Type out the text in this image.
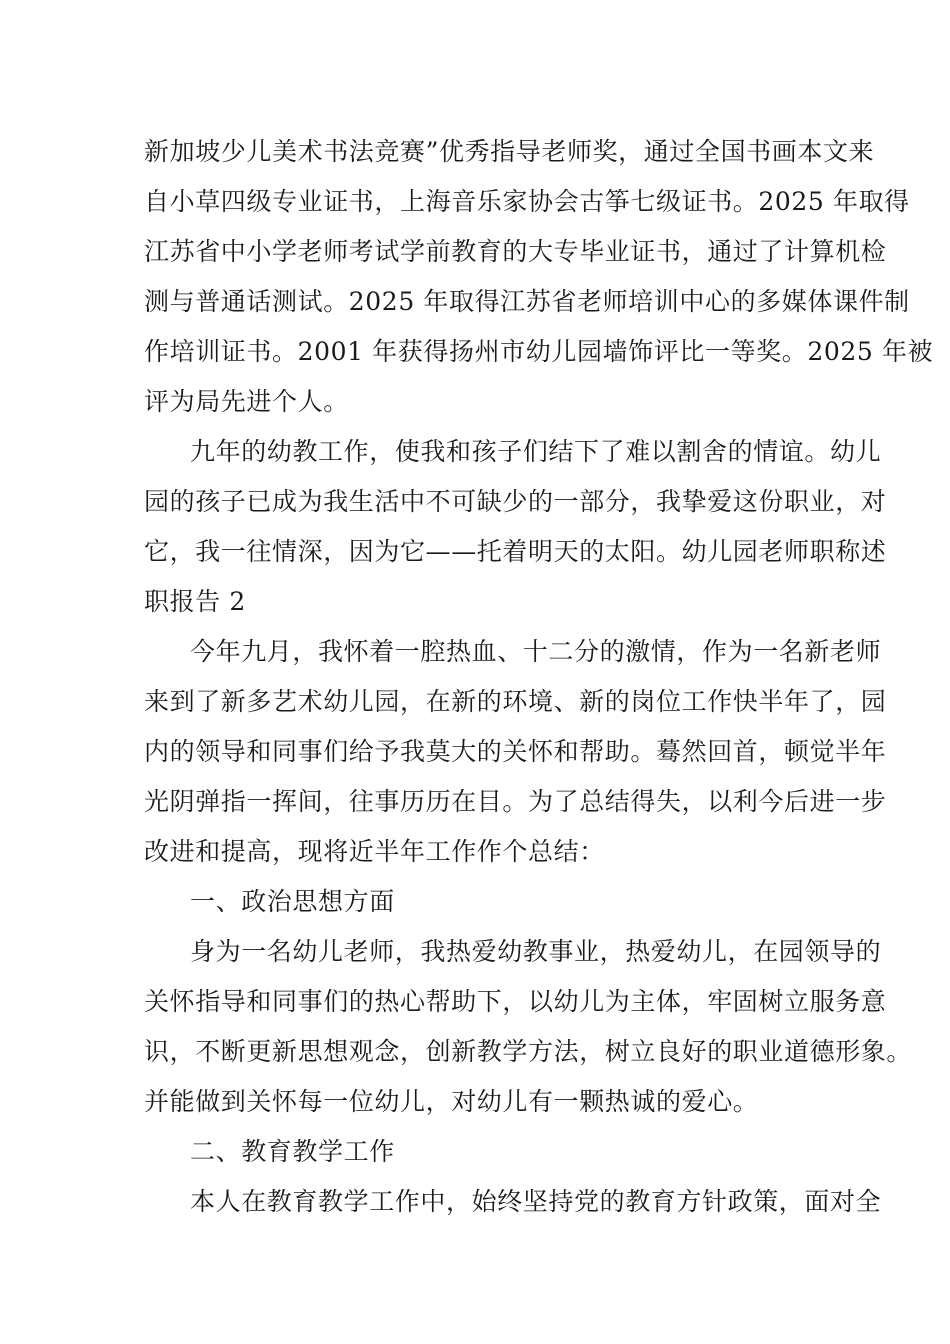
新加坡少儿美术书法竞赛”优秀指导老师奖，通过全国书画本文来
自小草四级专业证书，上海音乐家协会古筝七级证书。2025 年取得
江苏省中小学老师考试学前教育的大专毕业证书，通过了计算机检
测与普通话测试。2025 年取得江苏省老师培训中心的多媒体课件制
作培训证书。2001 年获得扬州市幼儿园墙饰评比一等奖。2025 年被
评为局先进个人。
九年的幼教工作，使我和孩子们结下了难以割舍的情谊。幼儿
园的孩子已成为我生活中不可缺少的一部分，我挚爱这份职业，对
它，我一往情深，因为它——托着明天的太阳。幼儿园老师职称述
职报告 2
今年九月，我怀着一腔热血、十二分的激情，作为一名新老师
来到了新多艺术幼儿园，在新的环境、新的岗位工作快半年了，园
内的领导和同事们给予我莫大的关怀和帮助。蓦然回首，顿觉半年
光阴弹指一挥间，往事历历在目。为了总结得失，以利今后进一步
改进和提高，现将近半年工作作个总结：
一、政治思想方面
身为一名幼儿老师，我热爱幼教事业，热爱幼儿，在园领导的
关怀指导和同事们的热心帮助下，以幼儿为主体，牢固树立服务意
识，不断更新思想观念，创新教学方法，树立良好的职业道德形象。
并能做到关怀每一位幼儿，对幼儿有一颗热诚的爱心。
二、教育教学工作
本人在教育教学工作中，始终坚持党的教育方针政策，面对全
